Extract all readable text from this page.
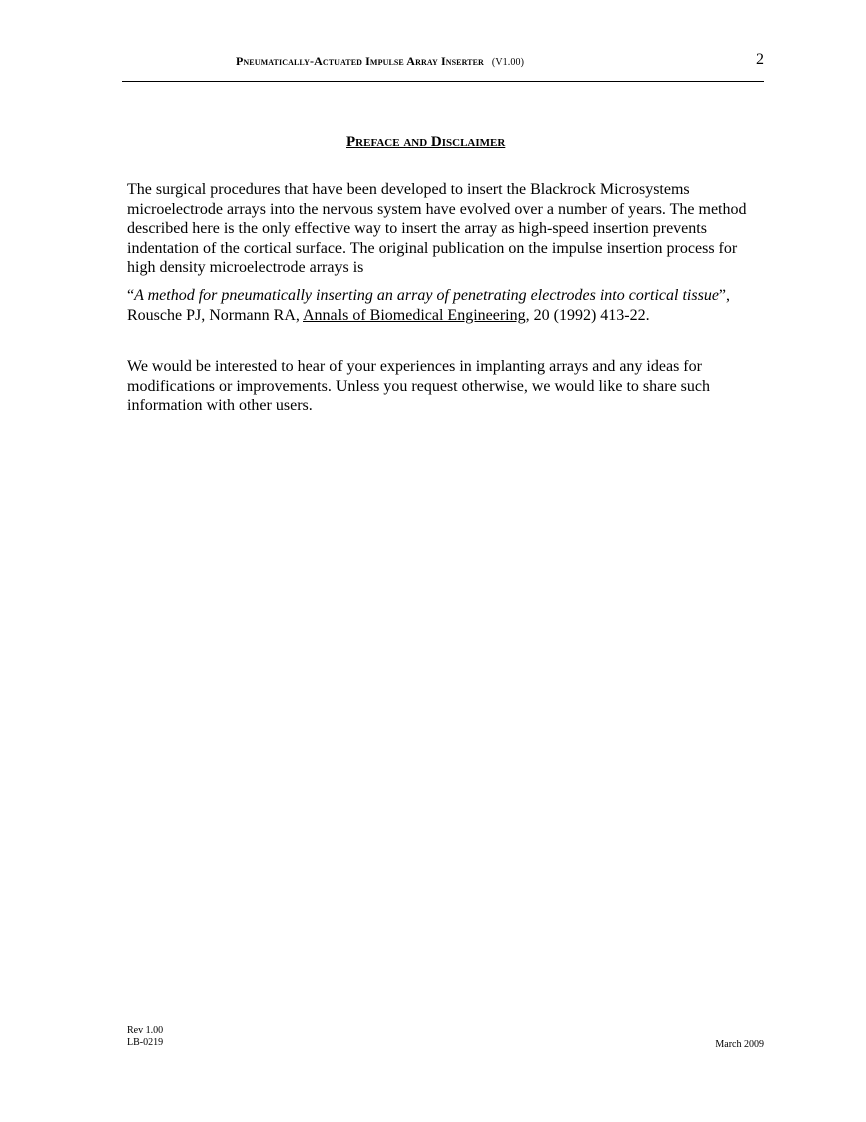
Pneumatically-Actuated Impulse Array Inserter (V1.00)	2
Preface and Disclaimer
The surgical procedures that have been developed to insert the Blackrock Microsystems microelectrode arrays into the nervous system have evolved over a number of years. The method described here is the only effective way to insert the array as high-speed insertion prevents indentation of the cortical surface. The original publication on the impulse insertion process for high density microelectrode arrays is
“A method for pneumatically inserting an array of penetrating electrodes into cortical tissue”, Rousche PJ, Normann RA, Annals of Biomedical Engineering, 20 (1992) 413-22.
We would be interested to hear of your experiences in implanting arrays and any ideas for modifications or improvements. Unless you request otherwise, we would like to share such information with other users.
Rev 1.00
LB-0219	March 2009
